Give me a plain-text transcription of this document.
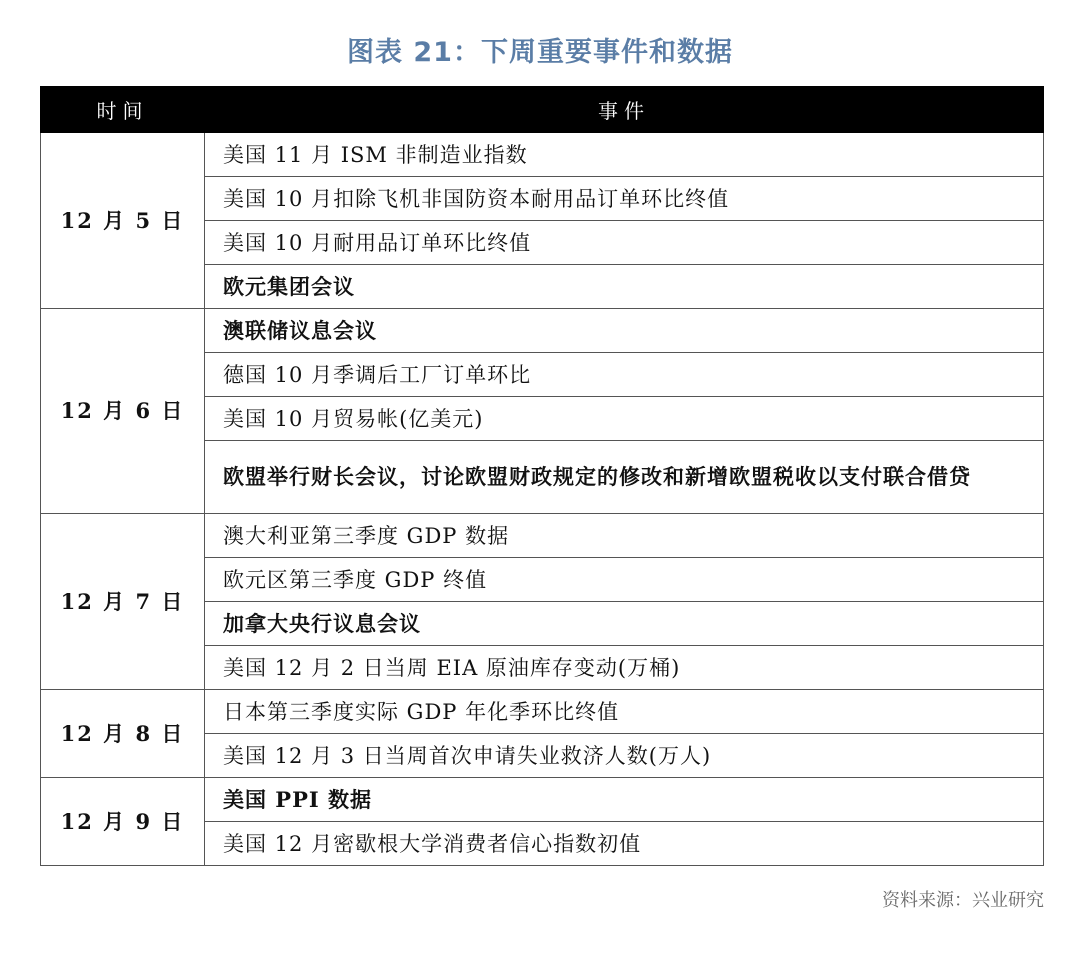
图表 21：下周重要事件和数据
时间	事件
12 月 5 日	美国 11 月 ISM 非制造业指数
	美国 10 月扣除飞机非国防资本耐用品订单环比终值
	美国 10 月耐用品订单环比终值
	欧元集团会议
12 月 6 日	澳联储议息会议
	德国 10 月季调后工厂订单环比
	美国 10 月贸易帐(亿美元)
	欧盟举行财长会议，讨论欧盟财政规定的修改和新增欧盟税收以支付联合借贷
12 月 7 日	澳大利亚第三季度 GDP 数据
	欧元区第三季度 GDP 终值
	加拿大央行议息会议
	美国 12 月 2 日当周 EIA 原油库存变动(万桶)
12 月 8 日	日本第三季度实际 GDP 年化季环比终值
	美国 12 月 3 日当周首次申请失业救济人数(万人)
12 月 9 日	美国 PPI 数据
	美国 12 月密歇根大学消费者信心指数初值
资料来源：兴业研究
